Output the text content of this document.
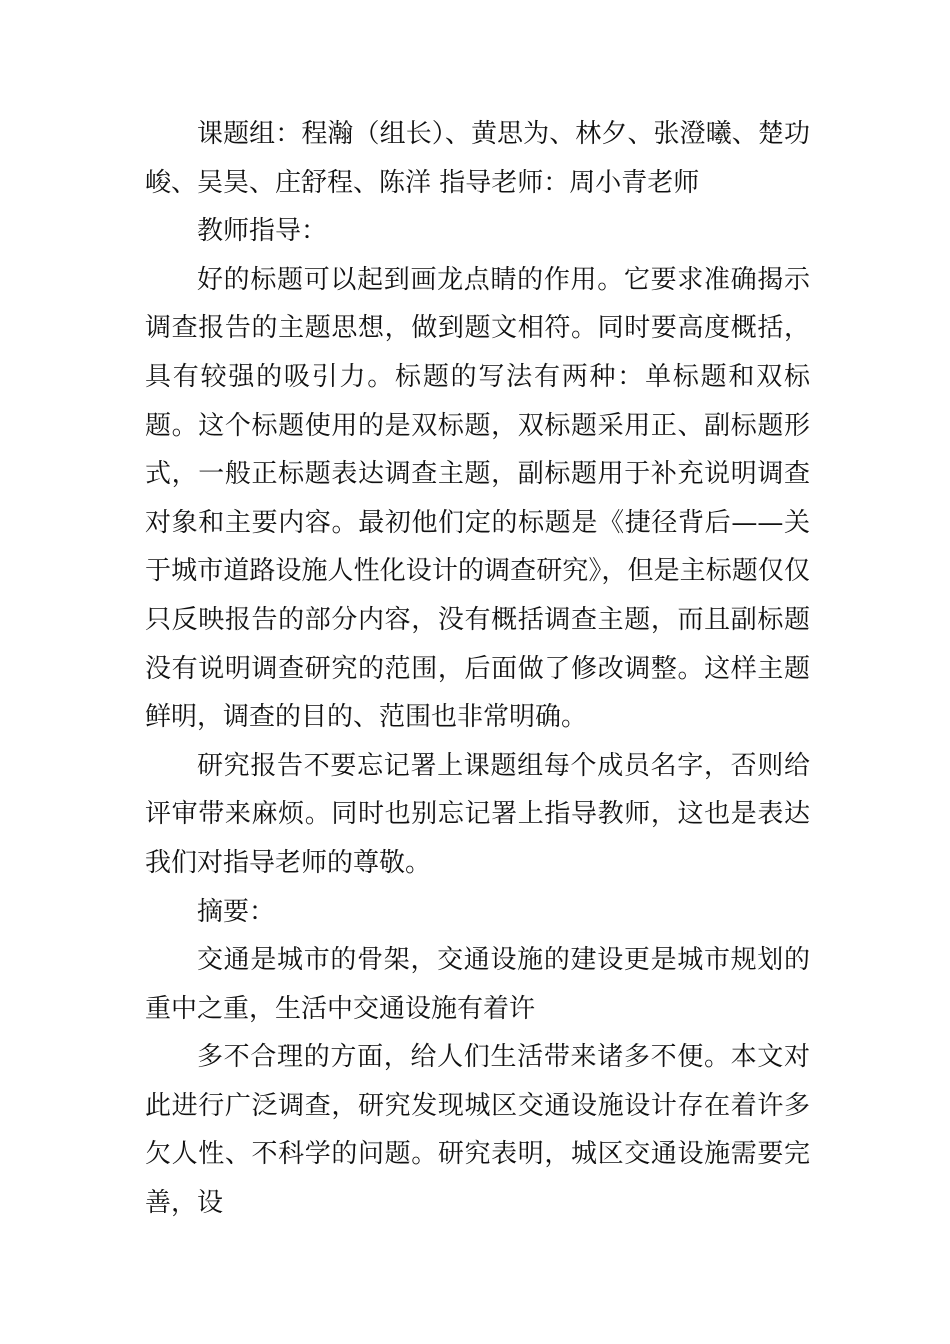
课题组：程瀚（组长）、黄思为、林夕、张澄曦、楚功峻、吴昊、庄舒程、陈洋 指导老师：周小青老师

教师指导：

好的标题可以起到画龙点睛的作用。它要求准确揭示调查报告的主题思想，做到题文相符。同时要高度概括，具有较强的吸引力。标题的写法有两种：单标题和双标题。这个标题使用的是双标题，双标题采用正、副标题形式，一般正标题表达调查主题，副标题用于补充说明调查对象和主要内容。最初他们定的标题是《捷径背后——关于城市道路设施人性化设计的调查研究》，但是主标题仅仅只反映报告的部分内容，没有概括调查主题，而且副标题没有说明调查研究的范围，后面做了修改调整。这样主题鲜明，调查的目的、范围也非常明确。

研究报告不要忘记署上课题组每个成员名字，否则给评审带来麻烦。同时也别忘记署上指导教师，这也是表达我们对指导老师的尊敬。

摘要：

交通是城市的骨架，交通设施的建设更是城市规划的重中之重，生活中交通设施有着许

多不合理的方面，给人们生活带来诸多不便。本文对此进行广泛调查，研究发现城区交通设施设计存在着许多欠人性、不科学的问题。研究表明，城区交通设施需要完善，设
